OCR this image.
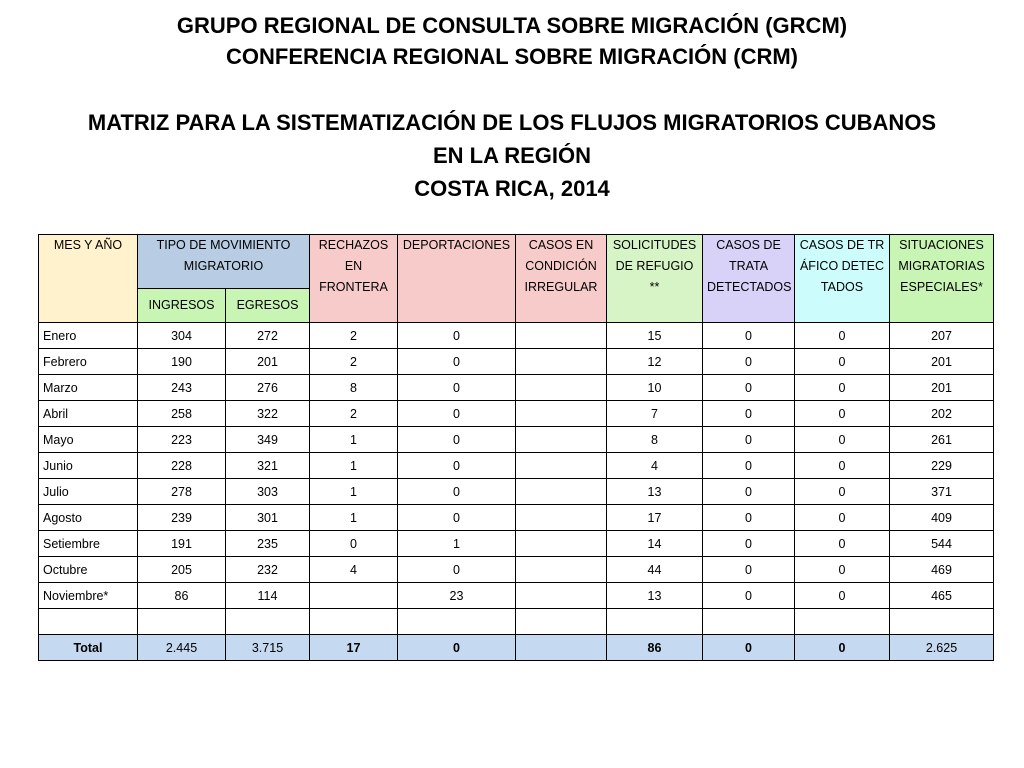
GRUPO REGIONAL DE CONSULTA SOBRE MIGRACIÓN (GRCM)
CONFERENCIA REGIONAL SOBRE MIGRACIÓN (CRM)
MATRIZ PARA LA SISTEMATIZACIÓN DE LOS FLUJOS MIGRATORIOS CUBANOS
EN LA REGIÓN
COSTA RICA, 2014
MES Y AÑO	TIPO DE MOVIMIENTO MIGRATORIO		RECHAZOS EN FRONTERA	DEPORTACIONES	CASOS EN CONDICIÓN IRREGULAR	SOLICITUDES DE REFUGIO **	CASOS DE TRATA DETECTADOS	CASOS DE TRÁFICO DETECTADOS	SITUACIONES MIGRATORIAS ESPECIALES*
	INGRESOS	EGRESOS							
Enero	304	272	2	0		15	0	0	207
Febrero	190	201	2	0		12	0	0	201
Marzo	243	276	8	0		10	0	0	201
Abril	258	322	2	0		7	0	0	202
Mayo	223	349	1	0		8	0	0	261
Junio	228	321	1	0		4	0	0	229
Julio	278	303	1	0		13	0	0	371
Agosto	239	301	1	0		17	0	0	409
Setiembre	191	235	0	1		14	0	0	544
Octubre	205	232	4	0		44	0	0	469
Noviembre*	86	114		23		13	0	0	465

Total	2.445	3.715	17	0		86	0	0	2.625
